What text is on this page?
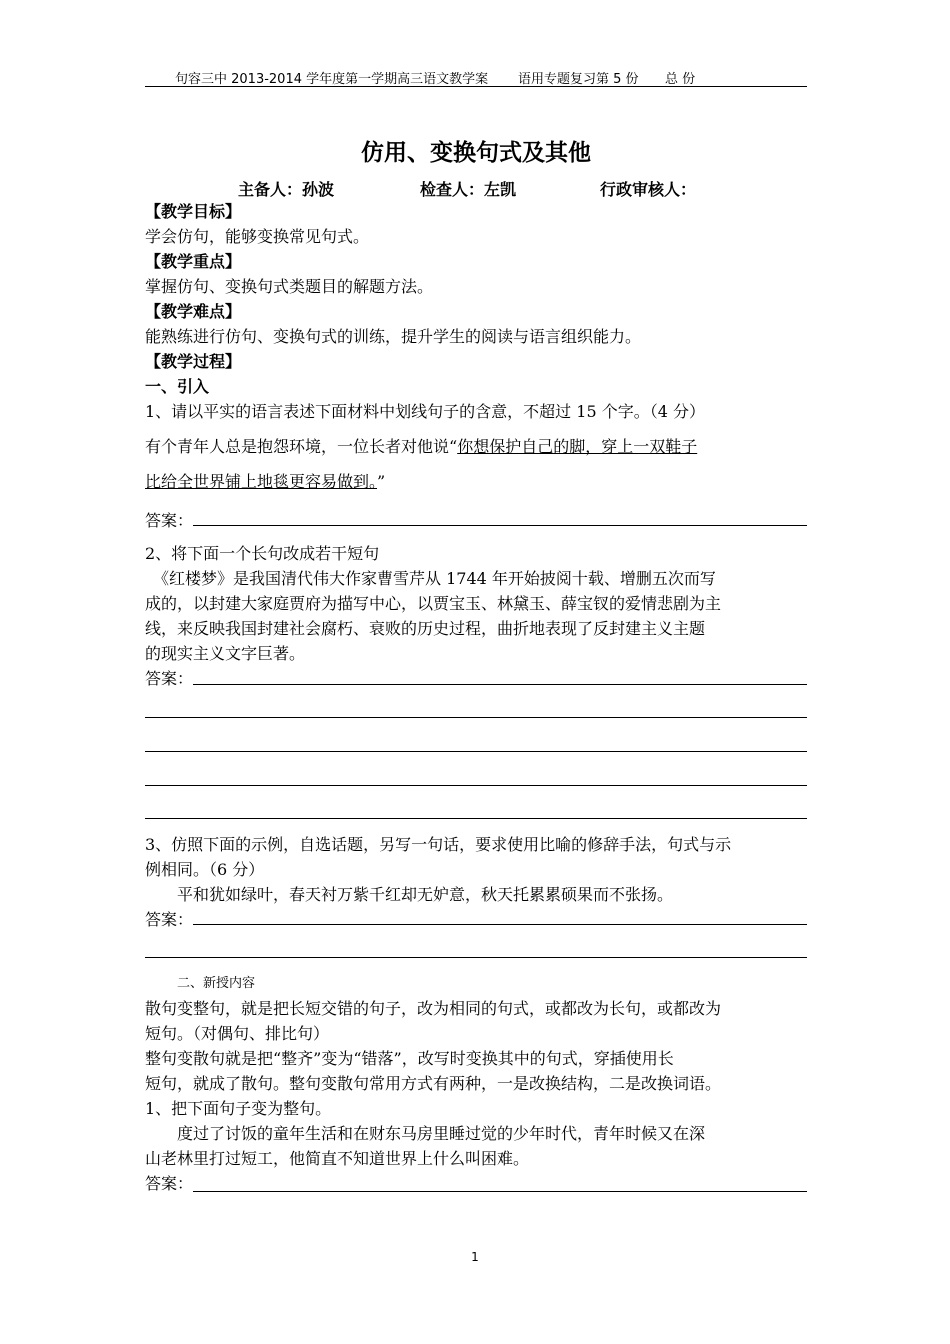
句容三中 2013-2014 学年度第一学期高三语文教学案 语用专题复习第 5 份 总 份
仿用、变换句式及其他
主备人：孙波	检查人：左凯	行政审核人：
【教学目标】
学会仿句，能够变换常见句式。
【教学重点】
掌握仿句、变换句式类题目的解题方法。
【教学难点】
能熟练进行仿句、变换句式的训练，提升学生的阅读与语言组织能力。
【教学过程】
一、引入
1、请以平实的语言表述下面材料中划线句子的含意，不超过 15 个字。（4 分）
有个青年人总是抱怨环境，一位长者对他说“你想保护自己的脚，穿上一双鞋子
比给全世界铺上地毯更容易做到。”
答案：
2、将下面一个长句改成若干短句
　《红楼梦》是我国清代伟大作家曹雪芹从 1744 年开始披阅十载、增删五次而写
成的，以封建大家庭贾府为描写中心，以贾宝玉、林黛玉、薛宝钗的爱情悲剧为主
线，来反映我国封建社会腐朽、衰败的历史过程，曲折地表现了反封建主义主题
的现实主义文字巨著。
答案：
3、仿照下面的示例，自选话题，另写一句话，要求使用比喻的修辞手法，句式与示
例相同。（6 分）
平和犹如绿叶，春天衬万紫千红却无妒意，秋天托累累硕果而不张扬。
答案：
二、新授内容
散句变整句，就是把长短交错的句子，改为相同的句式，或都改为长句，或都改为
短句。（对偶句、排比句）
整句变散句就是把“整齐”变为“错落”，改写时变换其中的句式，穿插使用长
短句，就成了散句。整句变散句常用方式有两种，一是改换结构，二是改换词语。
1、把下面句子变为整句。
度过了讨饭的童年生活和在财东马房里睡过觉的少年时代，青年时候又在深
山老林里打过短工，他简直不知道世界上什么叫困难。
答案：
1
